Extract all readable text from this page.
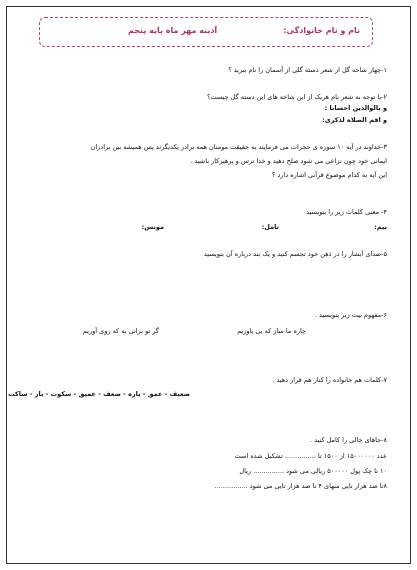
نام و نام خانوادگی:
آدینه مهر ماه پایه پنجم
۱-چهار شاخه گل از شعر دسته گلی از آسمان را نام ببرید ؟
۲-با توجه به شعر نام هریک از این شاخه های این دسته گل چیست؟
و بالوالدین احسانا :
و اقم الصلاه لذکری:
۳-خداوند در آیه ۱۰ سوره ی حجرات می فرمایند به حقیقت مومنان همه برادر یکدیگرند پس همیشه بین برادران
ایمانی خود چون نزاعی می شود صلح دهید و خدا ترس و پرهیزکار باشید .
این آیه به کدام موضوع قرآنی اشاره دارد ؟
۴- معنی کلمات زیر را بنویسید
بیم:
تامل:
مونس:
۵-صدای آبشار را در ذهن خود تجسم کنید و یک بند درباره آن بنویسید
۶-مفهوم بیت زیر بنویسید .
چاره ما ساز که بی یاوریم
گر تو برانی به که روی آوریم
۷-کلمات هم خانواده را کنار هم قرار دهید .
ضعیف - عمق - یاره - ضعف - عمیق - سکوت - یار - ساکت
۸-جاهای خالی را کامل کنید .
عدد ۱۵۰۰۰۰۰۰ از ۱۵۰۰ تا ............... تشکیل شده است
۱۰ تا چک پول ۵۰۰۰۰۰ ریالی می شود ............... ریال
۸تا صد هزار تایی منهای ۴ تا صد هزار تایی می شود ................
